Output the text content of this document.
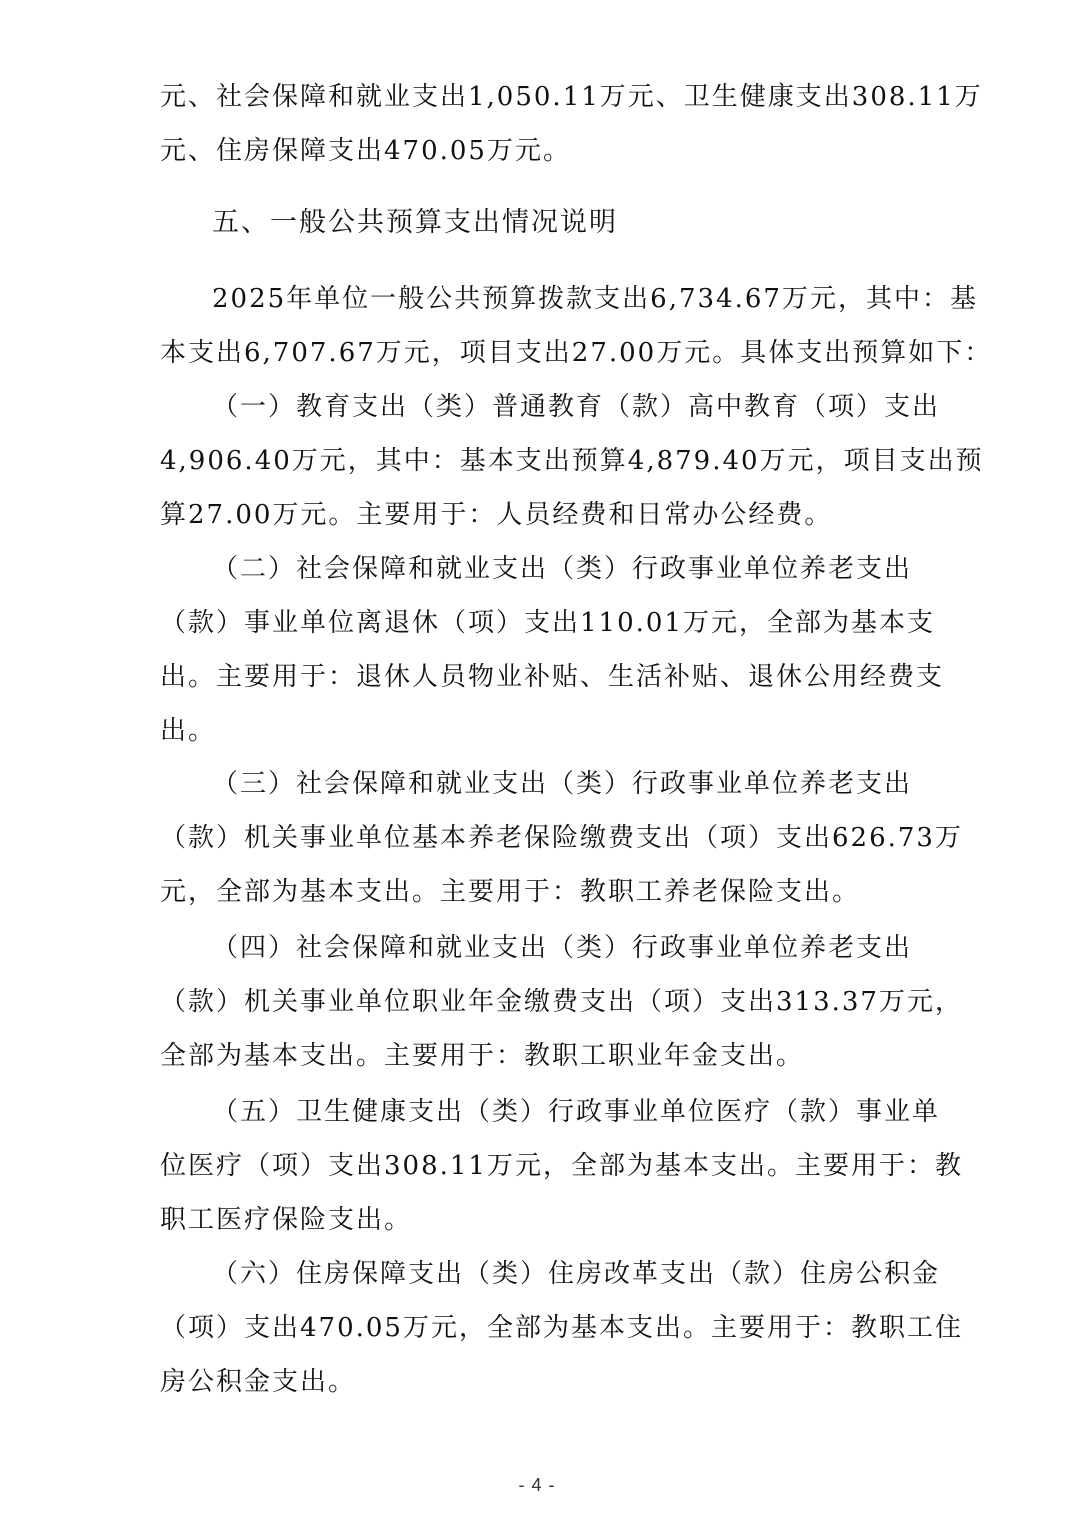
元、社会保障和就业支出1,050.11万元、卫生健康支出308.11万
元、住房保障支出470.05万元。
五、一般公共预算支出情况说明
2025年单位一般公共预算拨款支出6,734.67万元，其中：基
本支出6,707.67万元，项目支出27.00万元。具体支出预算如下：
（一）教育支出（类）普通教育（款）高中教育（项）支出
4,906.40万元，其中：基本支出预算4,879.40万元，项目支出预
算27.00万元。主要用于：人员经费和日常办公经费。
（二）社会保障和就业支出（类）行政事业单位养老支出
（款）事业单位离退休（项）支出110.01万元，全部为基本支
出。主要用于：退休人员物业补贴、生活补贴、退休公用经费支
出。
（三）社会保障和就业支出（类）行政事业单位养老支出
（款）机关事业单位基本养老保险缴费支出（项）支出626.73万
元，全部为基本支出。主要用于：教职工养老保险支出。
（四）社会保障和就业支出（类）行政事业单位养老支出
（款）机关事业单位职业年金缴费支出（项）支出313.37万元，
全部为基本支出。主要用于：教职工职业年金支出。
（五）卫生健康支出（类）行政事业单位医疗（款）事业单
位医疗（项）支出308.11万元，全部为基本支出。主要用于：教
职工医疗保险支出。
（六）住房保障支出（类）住房改革支出（款）住房公积金
（项）支出470.05万元，全部为基本支出。主要用于：教职工住
房公积金支出。

- 4 -
